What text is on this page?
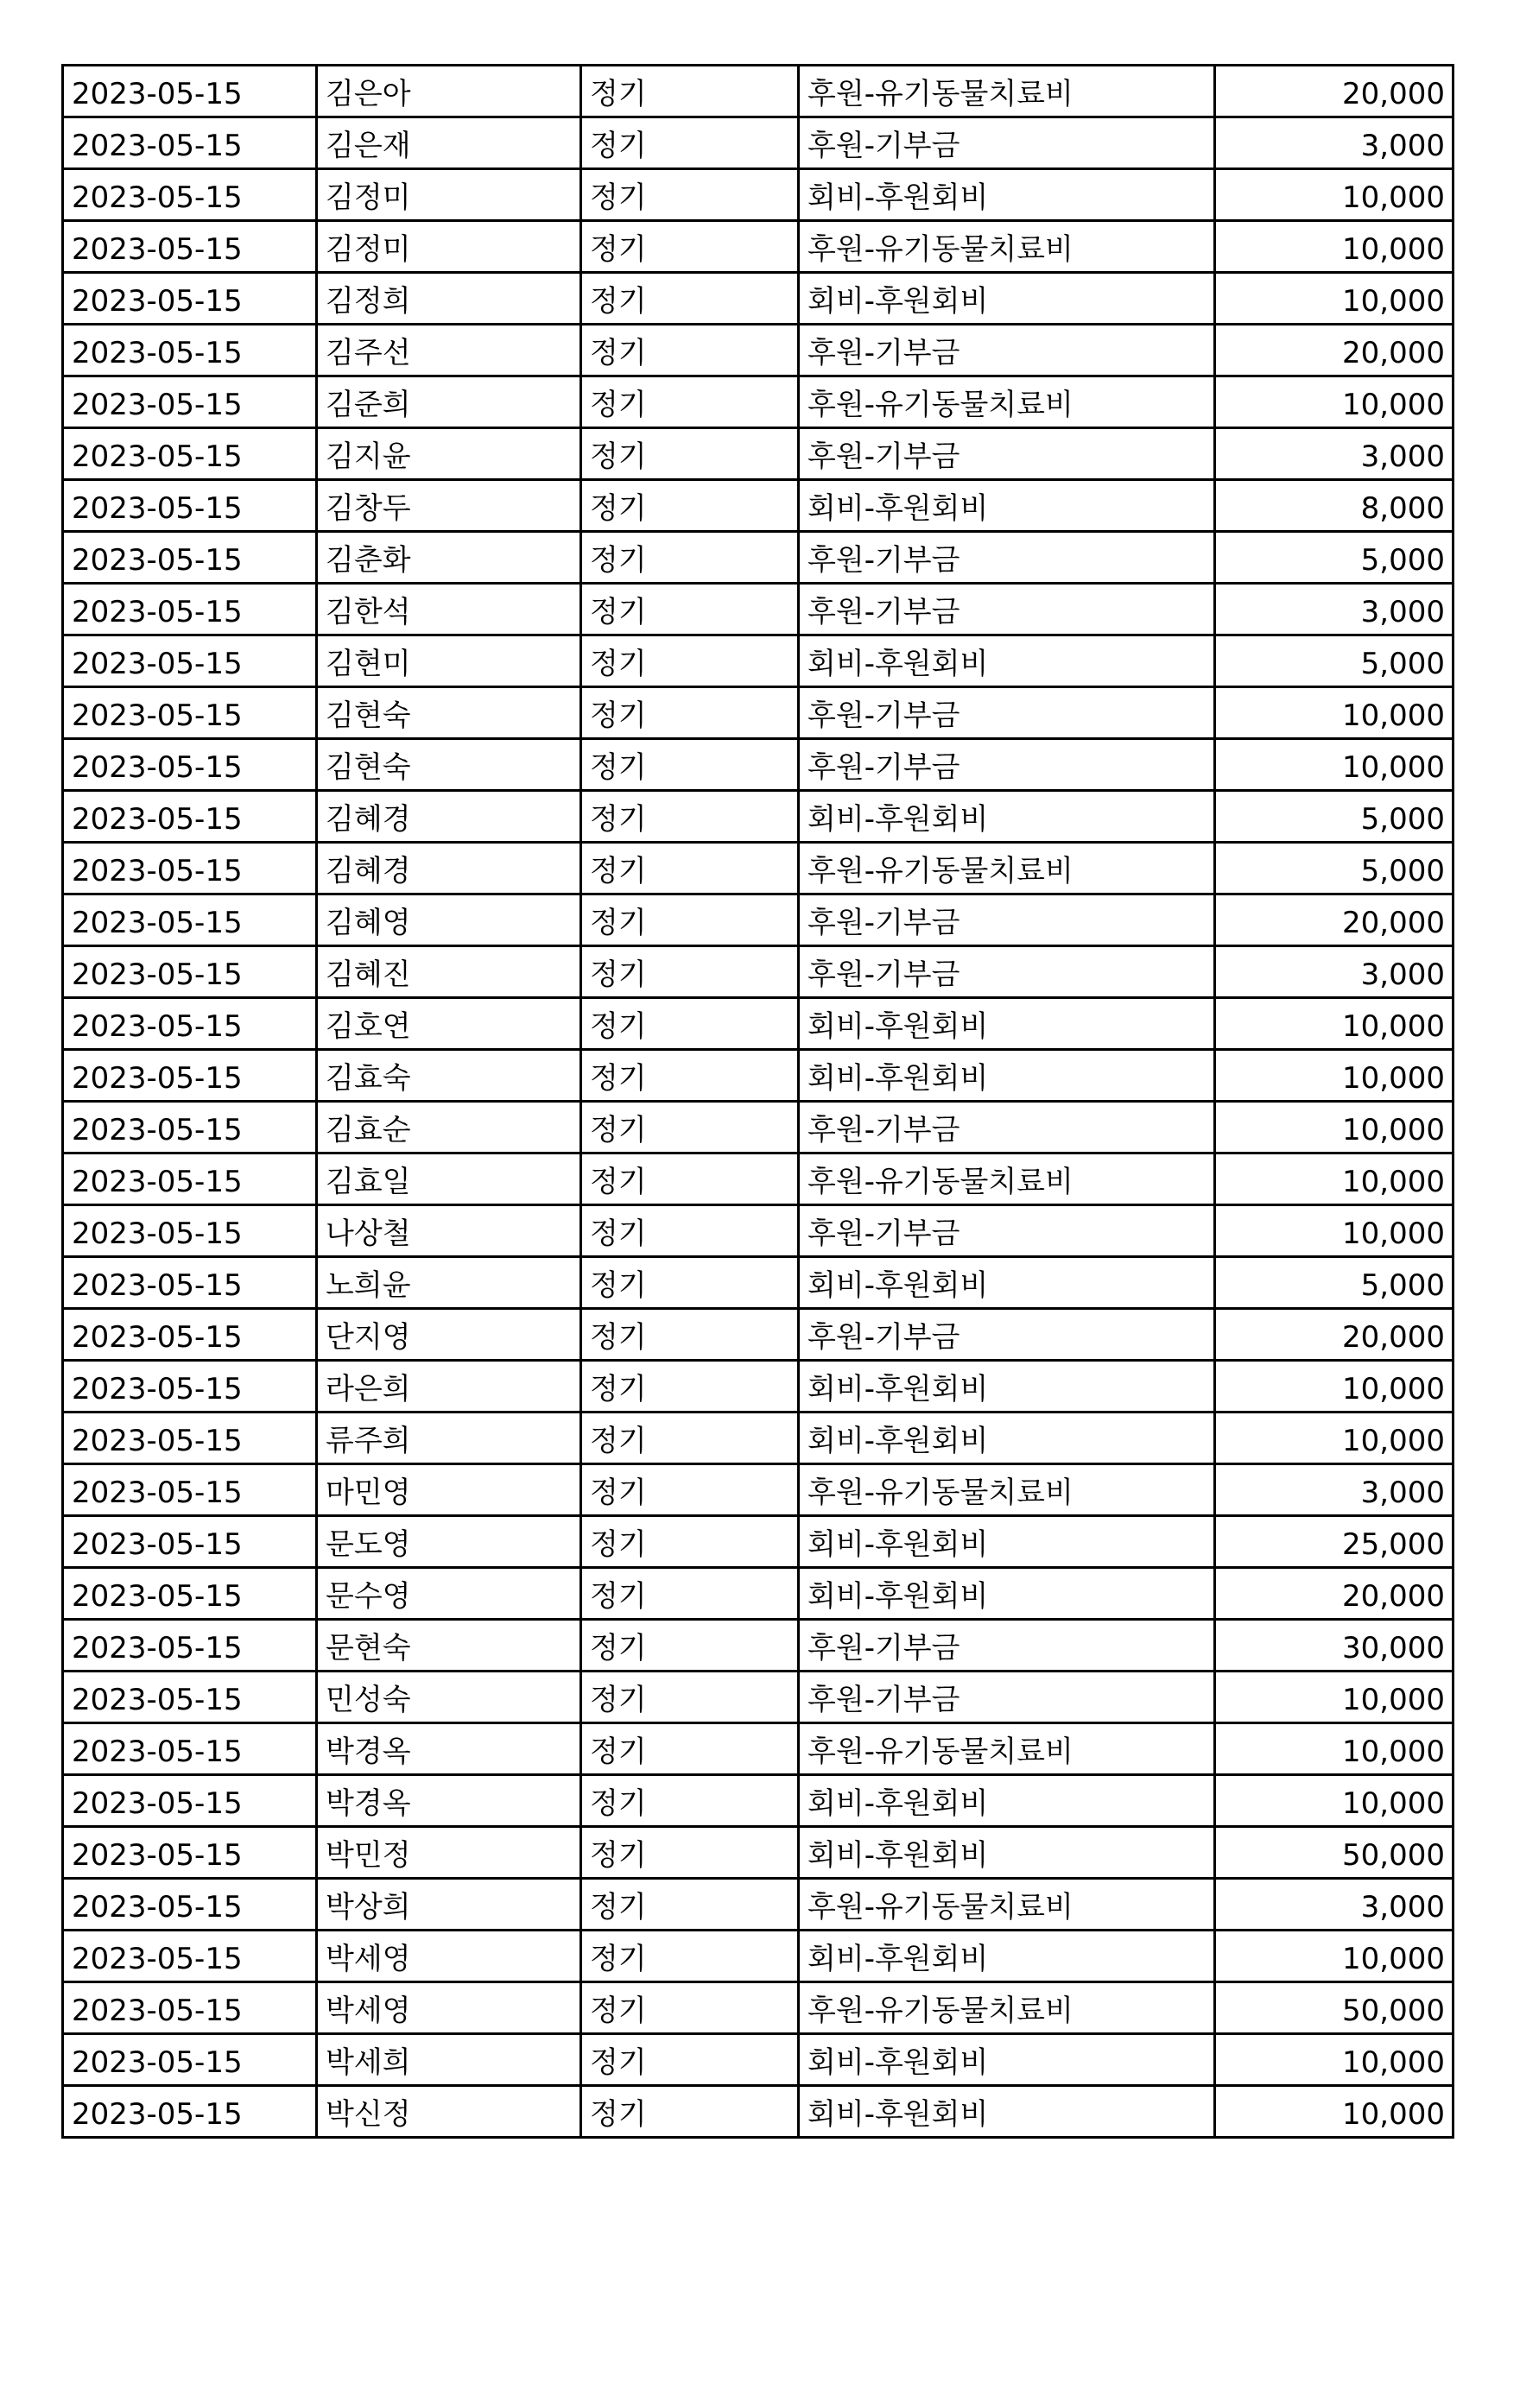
2023-05-15	김은아	정기	후원-유기동물치료비	20,000
2023-05-15	김은재	정기	후원-기부금	3,000
2023-05-15	김정미	정기	회비-후원회비	10,000
2023-05-15	김정미	정기	후원-유기동물치료비	10,000
2023-05-15	김정희	정기	회비-후원회비	10,000
2023-05-15	김주선	정기	후원-기부금	20,000
2023-05-15	김준희	정기	후원-유기동물치료비	10,000
2023-05-15	김지윤	정기	후원-기부금	3,000
2023-05-15	김창두	정기	회비-후원회비	8,000
2023-05-15	김춘화	정기	후원-기부금	5,000
2023-05-15	김한석	정기	후원-기부금	3,000
2023-05-15	김현미	정기	회비-후원회비	5,000
2023-05-15	김현숙	정기	후원-기부금	10,000
2023-05-15	김현숙	정기	후원-기부금	10,000
2023-05-15	김혜경	정기	회비-후원회비	5,000
2023-05-15	김혜경	정기	후원-유기동물치료비	5,000
2023-05-15	김혜영	정기	후원-기부금	20,000
2023-05-15	김혜진	정기	후원-기부금	3,000
2023-05-15	김호연	정기	회비-후원회비	10,000
2023-05-15	김효숙	정기	회비-후원회비	10,000
2023-05-15	김효순	정기	후원-기부금	10,000
2023-05-15	김효일	정기	후원-유기동물치료비	10,000
2023-05-15	나상철	정기	후원-기부금	10,000
2023-05-15	노희윤	정기	회비-후원회비	5,000
2023-05-15	단지영	정기	후원-기부금	20,000
2023-05-15	라은희	정기	회비-후원회비	10,000
2023-05-15	류주희	정기	회비-후원회비	10,000
2023-05-15	마민영	정기	후원-유기동물치료비	3,000
2023-05-15	문도영	정기	회비-후원회비	25,000
2023-05-15	문수영	정기	회비-후원회비	20,000
2023-05-15	문현숙	정기	후원-기부금	30,000
2023-05-15	민성숙	정기	후원-기부금	10,000
2023-05-15	박경옥	정기	후원-유기동물치료비	10,000
2023-05-15	박경옥	정기	회비-후원회비	10,000
2023-05-15	박민정	정기	회비-후원회비	50,000
2023-05-15	박상희	정기	후원-유기동물치료비	3,000
2023-05-15	박세영	정기	회비-후원회비	10,000
2023-05-15	박세영	정기	후원-유기동물치료비	50,000
2023-05-15	박세희	정기	회비-후원회비	10,000
2023-05-15	박신정	정기	회비-후원회비	10,000
